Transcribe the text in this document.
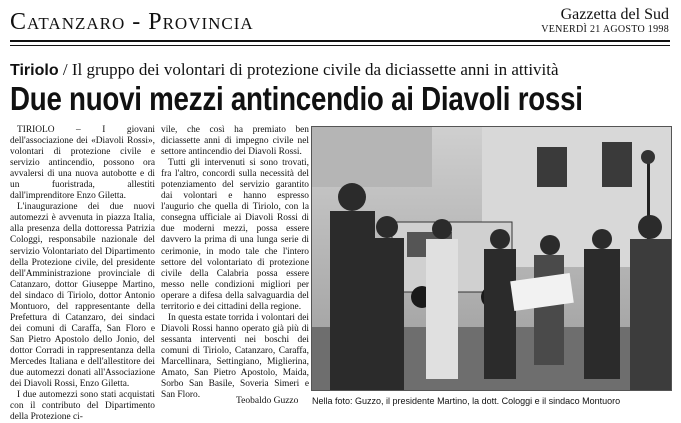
Catanzaro - Provincia	Gazzetta del Sud
VENERDÌ 21 AGOSTO 1998
Tiriolo / Il gruppo dei volontari di protezione civile da diciassette anni in attività
Due nuovi mezzi antincendio ai Diavoli rossi

TIRIOLO – I giovani dell'associazione dei «Diavoli Rossi», volontari di protezione civile e servizio antincendio, possono ora avvalersi di una nuova autobotte e di un fuoristrada, allestiti dall'imprenditore Enzo Giletta.

L'inaugurazione dei due nuovi automezzi è avvenuta in piazza Italia, alla presenza della dottoressa Patrizia Cologgi, responsabile nazionale del servizio Volontariato del Dipartimento della Protezione civile, del presidente dell'Amministrazione provinciale di Catanzaro, dottor Giuseppe Martino, del sindaco di Tiriolo, dottor Antonio Montuoro, del rappresentante della Prefettura di Catanzaro, dei sindaci dei comuni di Caraffa, San Floro e San Pietro Apostolo dello Jonio, del dottor Corradi in rappresentanza della Mercedes Italiana e dell'allestitore dei due automezzi donati all'Associazione dei Diavoli Rossi, Enzo Giletta.

I due automezzi sono stati acquistati con il contributo del Dipartimento della Protezione ci-

vile, che così ha premiato ben diciassette anni di impegno civile nel settore antincendio dei Diavoli Rossi.

Tutti gli intervenuti si sono trovati, fra l'altro, concordi sulla necessità del potenziamento del servizio garantito dai volontari e hanno espresso l'augurio che quella di Tiriolo, con la consegna ufficiale ai Diavoli Rossi di due moderni mezzi, possa essere davvero la prima di una lunga serie di cerimonie, in modo tale che l'intero settore del volontariato di protezione civile della Calabria possa essere messo nelle condizioni migliori per operare a difesa della salvaguardia del territorio e dei cittadini della regione.

In questa estate torrida i volontari dei Diavoli Rossi hanno operato già più di sessanta interventi nei boschi dei comuni di Tiriolo, Catanzaro, Caraffa, Marcellinara, Settingiano, Miglierina, Amato, San Pietro Apostolo, Maida, Sorbo San Basile, Soveria Simeri e San Floro.

Teobaldo Guzzo Nella foto: Guzzo, il presidente Martino, la dott. Cologgi e il sindaco Montuoro
